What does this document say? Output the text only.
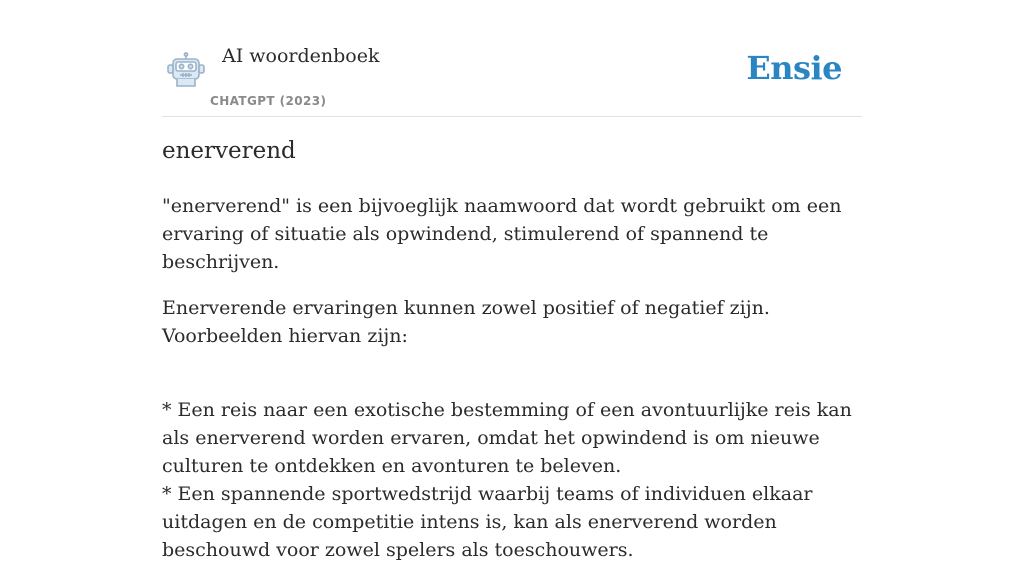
AI woordenboek
CHATGPT (2023)
Ensie
enerverend

"enerverend" is een bijvoeglijk naamwoord dat wordt gebruikt om een ervaring of situatie als opwindend, stimulerend of spannend te beschrijven.

Enerverende ervaringen kunnen zowel positief of negatief zijn. Voorbeelden hiervan zijn:

* Een reis naar een exotische bestemming of een avontuurlijke reis kan als enerverend worden ervaren, omdat het opwindend is om nieuwe culturen te ontdekken en avonturen te beleven.
* Een spannende sportwedstrijd waarbij teams of individuen elkaar uitdagen en de competitie intens is, kan als enerverend worden beschouwd voor zowel spelers als toeschouwers.
